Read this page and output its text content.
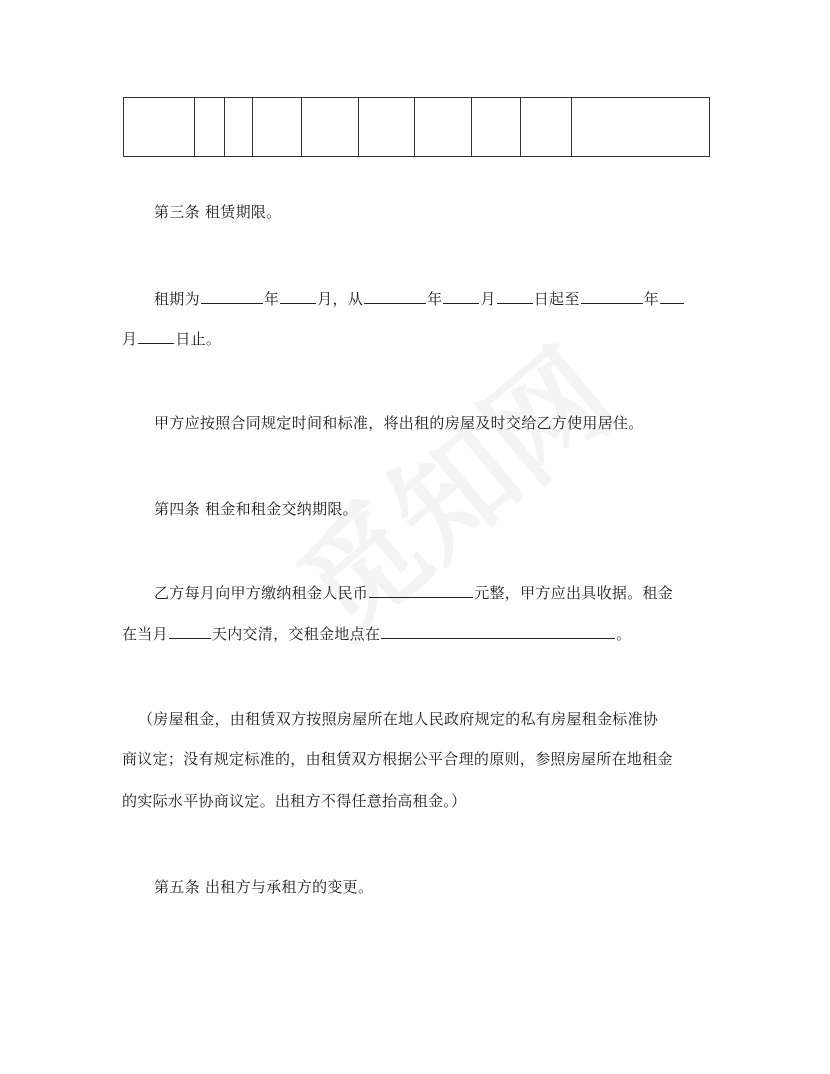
第三条 租赁期限。
租期为	年	月，从	年	月	日起至	年
月	日止。
甲方应按照合同规定时间和标准，将出租的房屋及时交给乙方使用居住。
第四条 租金和租金交纳期限。
乙方每月向甲方缴纳租金人民币	元整，甲方应出具收据。租金
在当月	天内交清，交租金地点在	。
（房屋租金，由租赁双方按照房屋所在地人民政府规定的私有房屋租金标准协
商议定；没有规定标准的，由租赁双方根据公平合理的原则，参照房屋所在地租金
的实际水平协商议定。出租方不得任意抬高租金。）
第五条 出租方与承租方的变更。
